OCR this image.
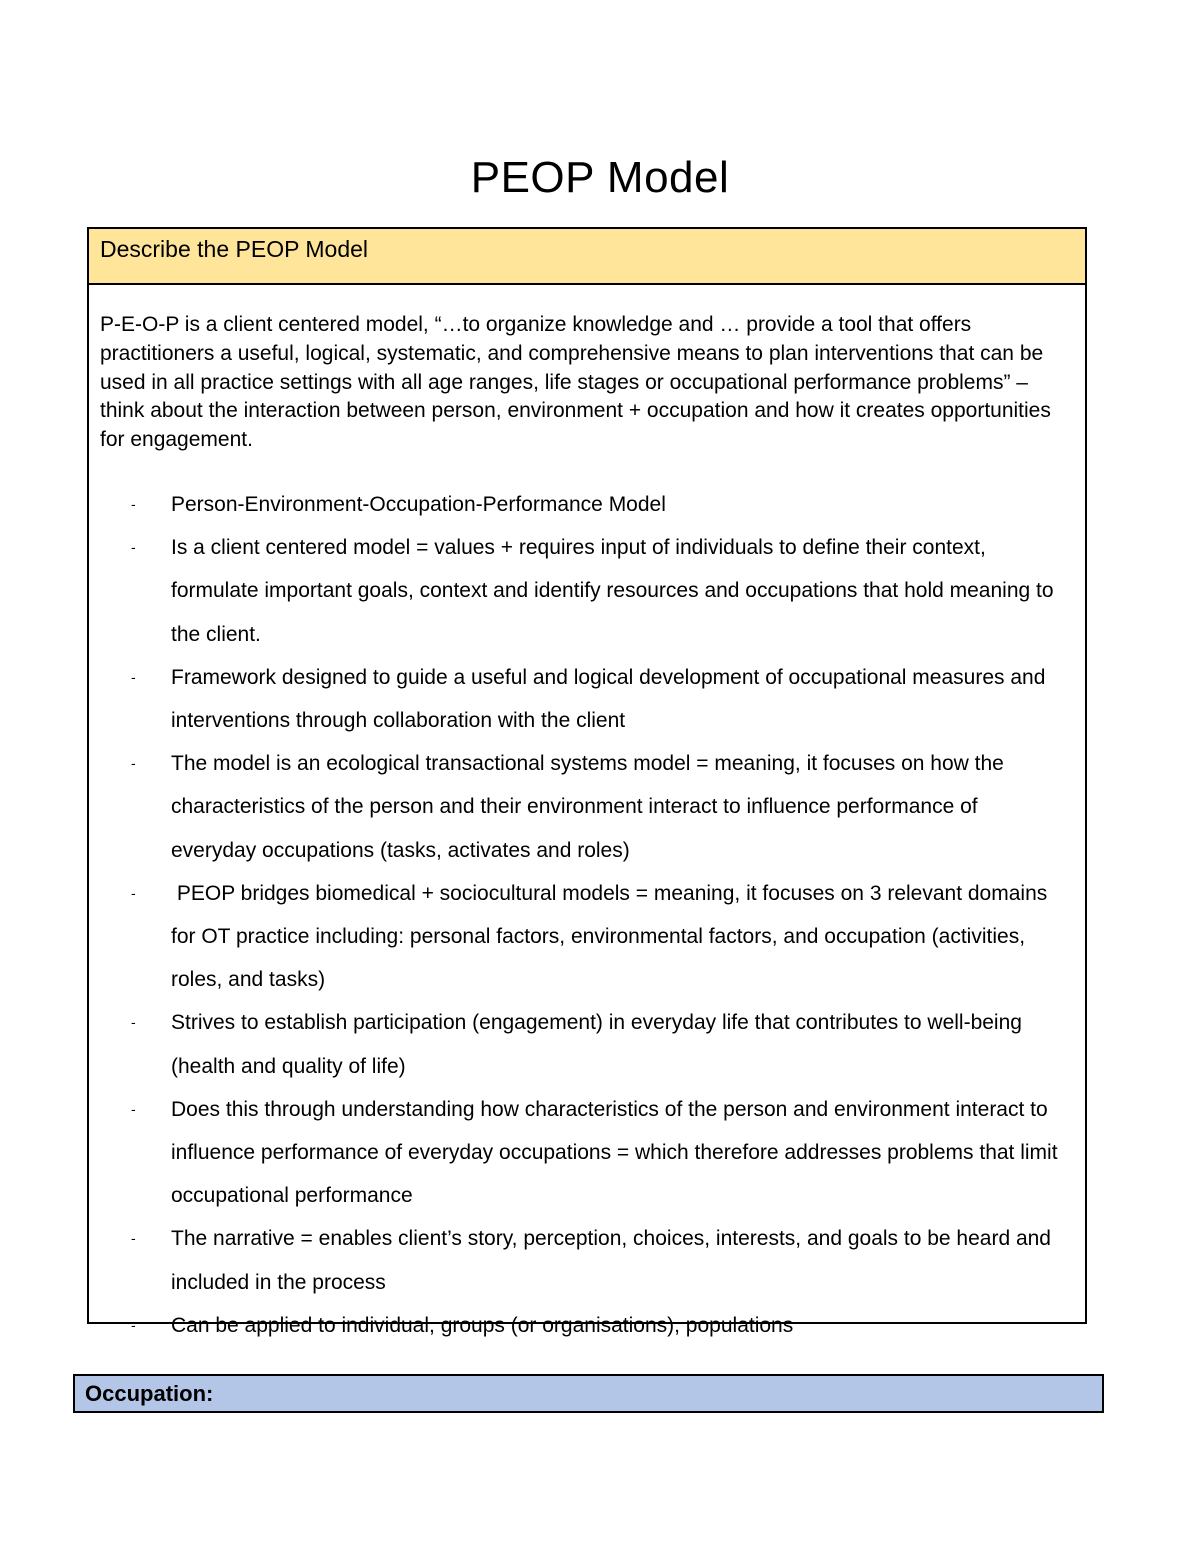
PEOP Model
Describe the PEOP Model

P-E-O-P is a client centered model, “…to organize knowledge and … provide a tool that offers practitioners a useful, logical, systematic, and comprehensive means to plan interventions that can be used in all practice settings with all age ranges, life stages or occupational performance problems” – think about the interaction between person, environment + occupation and how it creates opportunities for engagement.

- Person-Environment-Occupation-Performance Model
- Is a client centered model = values + requires input of individuals to define their context, formulate important goals, context and identify resources and occupations that hold meaning to the client.
- Framework designed to guide a useful and logical development of occupational measures and interventions through collaboration with the client
- The model is an ecological transactional systems model = meaning, it focuses on how the characteristics of the person and their environment interact to influence performance of everyday occupations (tasks, activates and roles)
- PEOP bridges biomedical + sociocultural models = meaning, it focuses on 3 relevant domains for OT practice including: personal factors, environmental factors, and occupation (activities, roles, and tasks)
- Strives to establish participation (engagement) in everyday life that contributes to well-being (health and quality of life)
- Does this through understanding how characteristics of the person and environment interact to influence performance of everyday occupations = which therefore addresses problems that limit occupational performance
- The narrative = enables client’s story, perception, choices, interests, and goals to be heard and included in the process
- Can be applied to individual, groups (or organisations), populations
Occupation:
